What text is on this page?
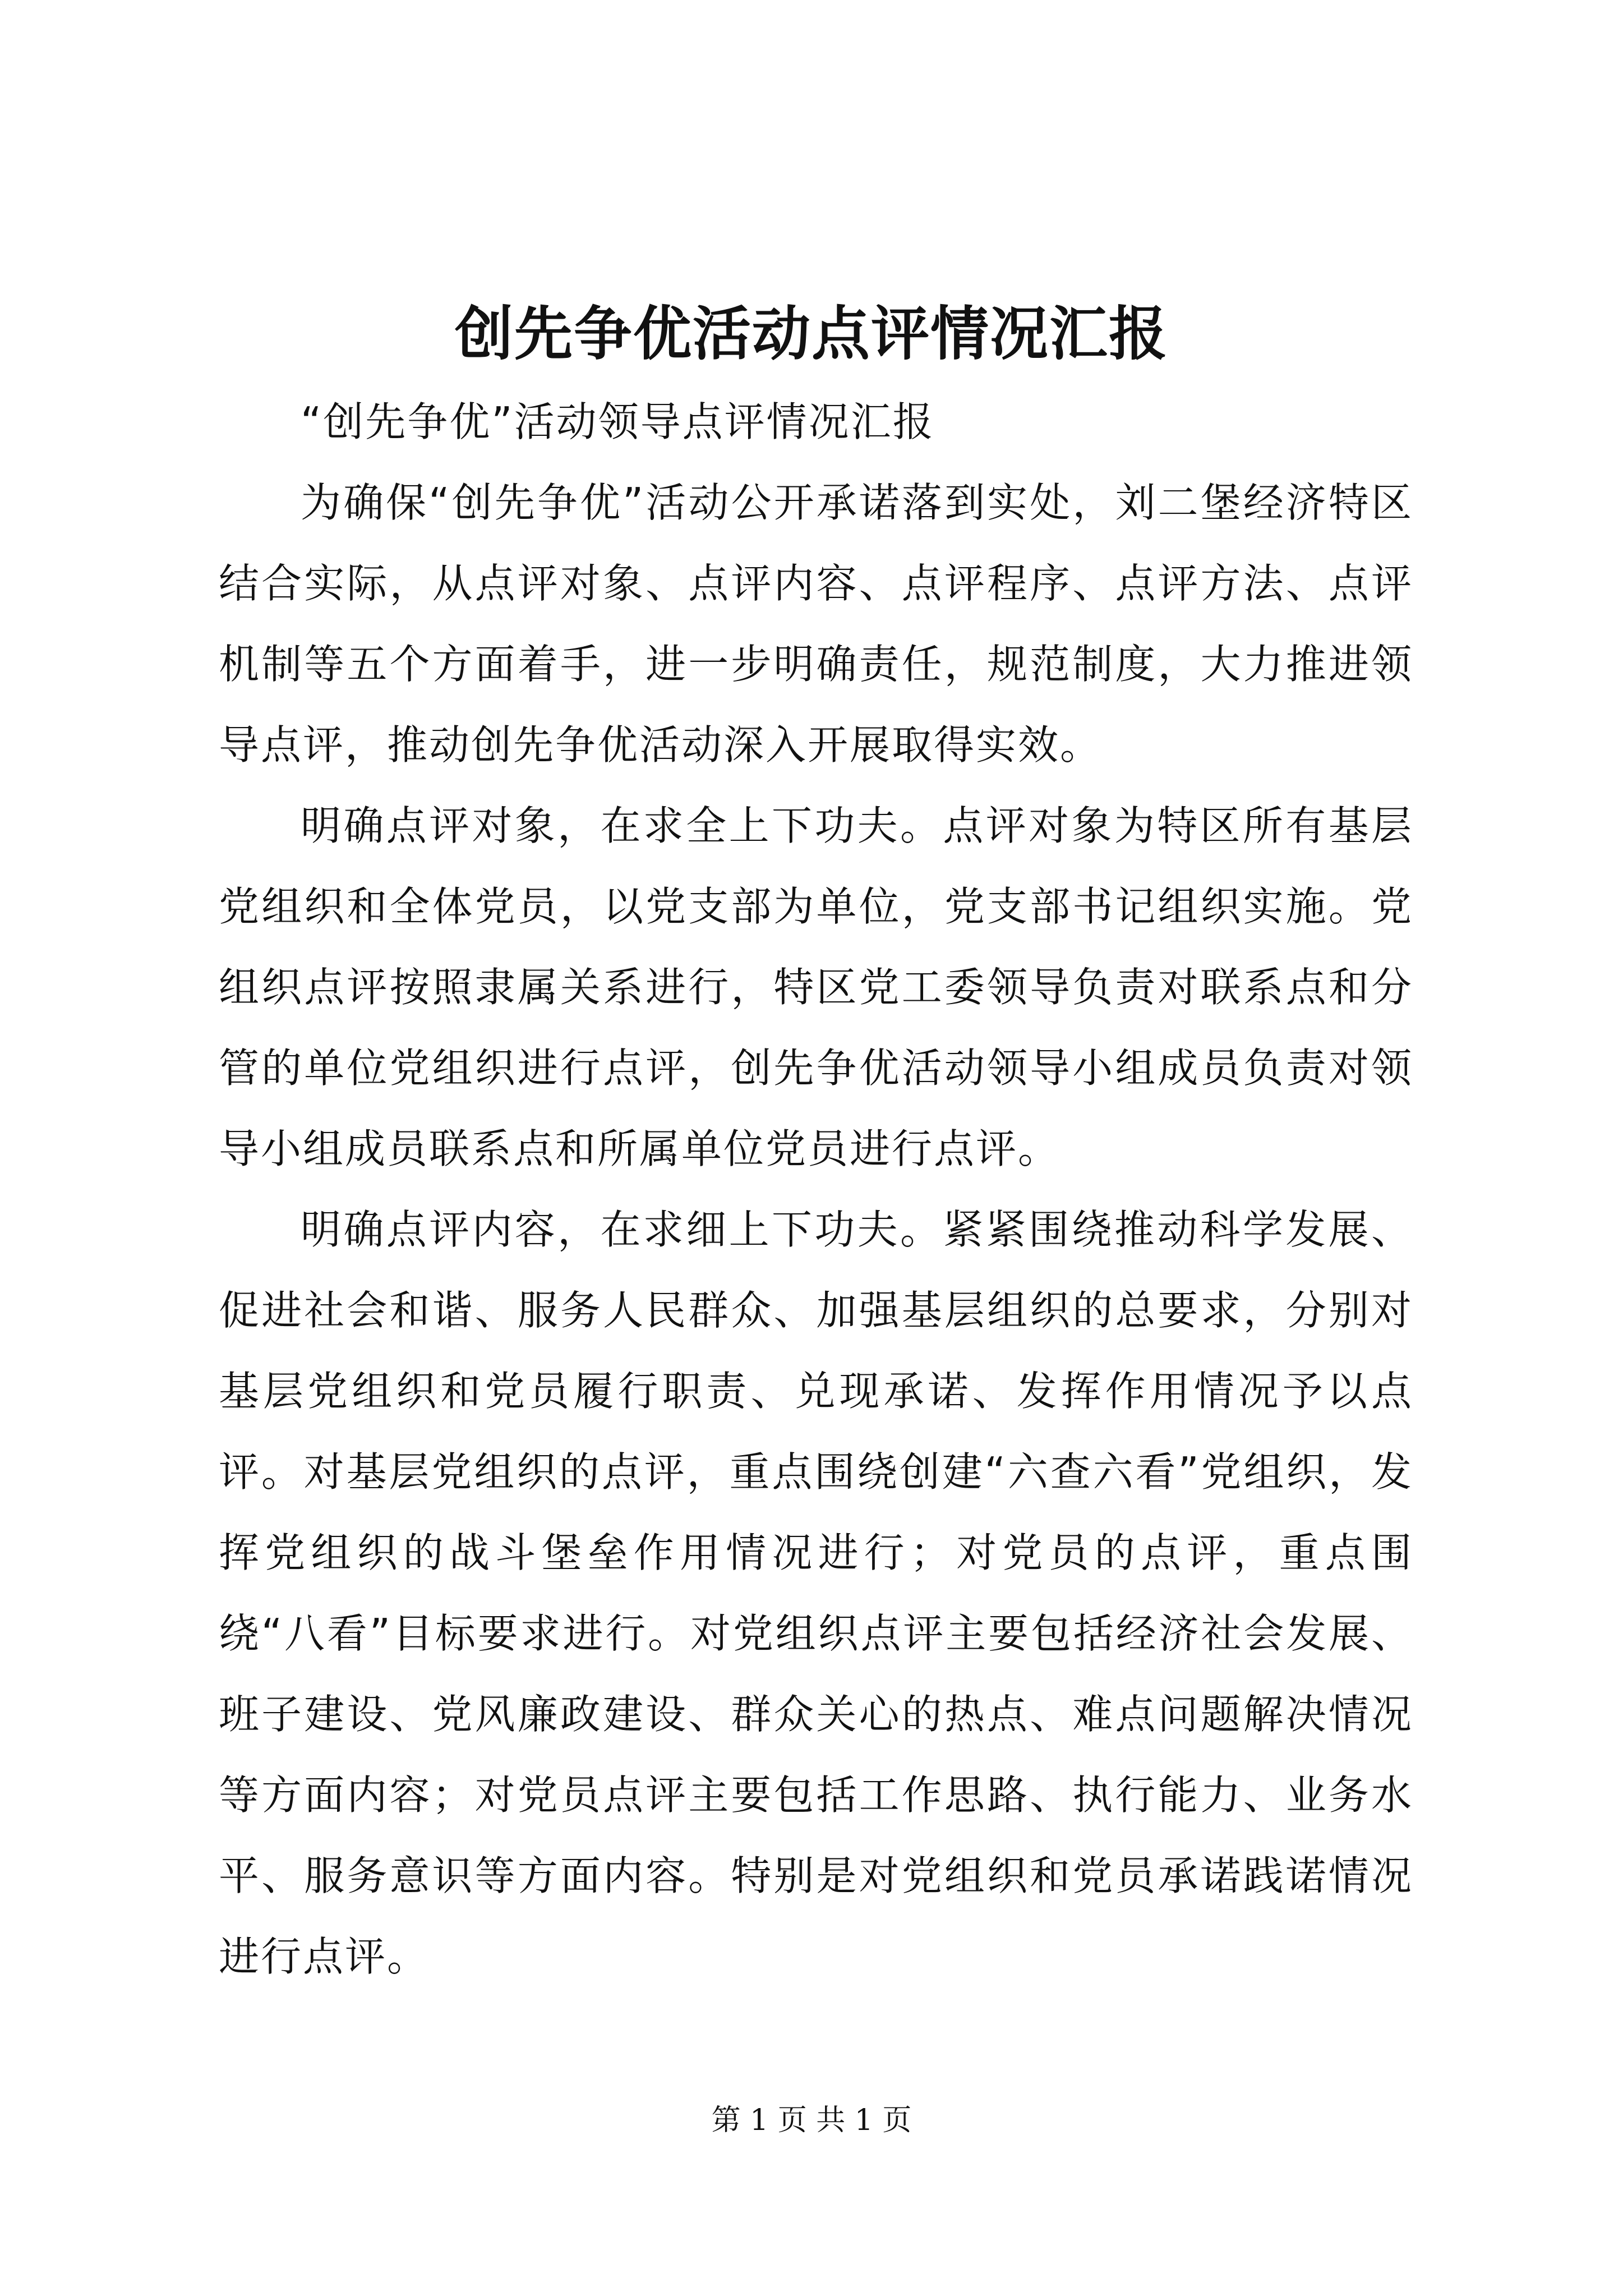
创先争优活动点评情况汇报

“创先争优”活动领导点评情况汇报

为确保“创先争优”活动公开承诺落到实处，刘二堡经济特区结合实际，从点评对象、点评内容、点评程序、点评方法、点评机制等五个方面着手，进一步明确责任，规范制度，大力推进领导点评，推动创先争优活动深入开展取得实效。

明确点评对象，在求全上下功夫。点评对象为特区所有基层党组织和全体党员，以党支部为单位，党支部书记组织实施。党组织点评按照隶属关系进行，特区党工委领导负责对联系点和分管的单位党组织进行点评，创先争优活动领导小组成员负责对领导小组成员联系点和所属单位党员进行点评。

明确点评内容，在求细上下功夫。紧紧围绕推动科学发展、促进社会和谐、服务人民群众、加强基层组织的总要求，分别对基层党组织和党员履行职责、兑现承诺、发挥作用情况予以点评。对基层党组织的点评，重点围绕创建“六查六看”党组织，发挥党组织的战斗堡垒作用情况进行；对党员的点评，重点围绕“八看”目标要求进行。对党组织点评主要包括经济社会发展、班子建设、党风廉政建设、群众关心的热点、难点问题解决情况等方面内容；对党员点评主要包括工作思路、执行能力、业务水平、服务意识等方面内容。特别是对党组织和党员承诺践诺情况进行点评。

第 1 页 共 1 页
